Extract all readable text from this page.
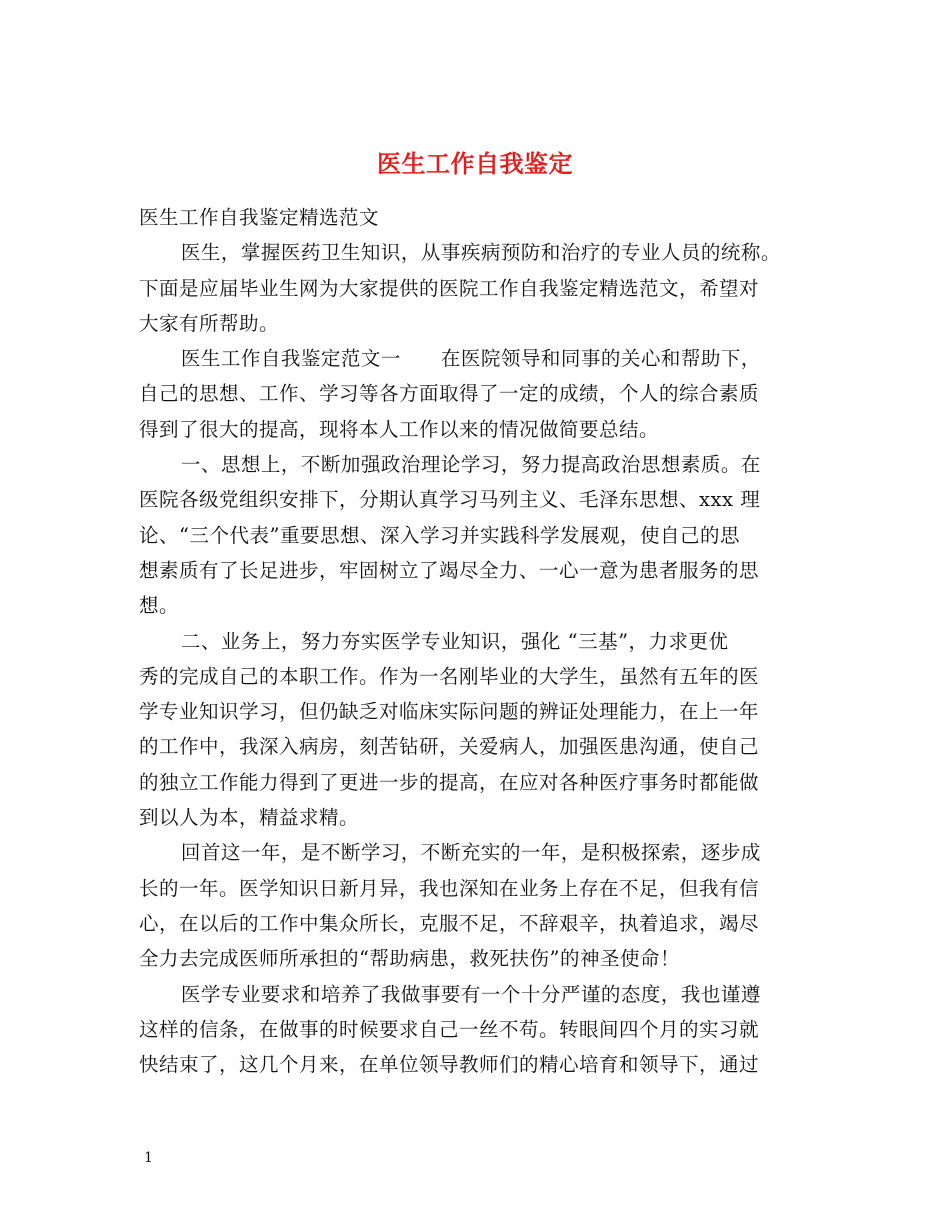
医生工作自我鉴定

医生工作自我鉴定精选范文

医生，掌握医药卫生知识，从事疾病预防和治疗的专业人员的统称。
下面是应届毕业生网为大家提供的医院工作自我鉴定精选范文，希望对
大家有所帮助。

医生工作自我鉴定范文一　　在医院领导和同事的关心和帮助下，
自己的思想、工作、学习等各方面取得了一定的成绩，个人的综合素质
得到了很大的提高，现将本人工作以来的情况做简要总结。

一、思想上，不断加强政治理论学习，努力提高政治思想素质。在
医院各级党组织安排下，分期认真学习马列主义、毛泽东思想、xxx 理
论、“三个代表”重要思想、深入学习并实践科学发展观，使自己的思
想素质有了长足进步，牢固树立了竭尽全力、一心一意为患者服务的思
想。

二、业务上，努力夯实医学专业知识，强化 “三基”，力求更优
秀的完成自己的本职工作。作为一名刚毕业的大学生，虽然有五年的医
学专业知识学习，但仍缺乏对临床实际问题的辨证处理能力，在上一年
的工作中，我深入病房，刻苦钻研，关爱病人，加强医患沟通，使自己
的独立工作能力得到了更进一步的提高，在应对各种医疗事务时都能做
到以人为本，精益求精。

回首这一年，是不断学习，不断充实的一年，是积极探索，逐步成
长的一年。医学知识日新月异，我也深知在业务上存在不足，但我有信
心，在以后的工作中集众所长，克服不足，不辞艰辛，执着追求，竭尽
全力去完成医师所承担的“帮助病患，救死扶伤”的神圣使命！

医学专业要求和培养了我做事要有一个十分严谨的态度，我也谨遵
这样的信条，在做事的时候要求自己一丝不苟。转眼间四个月的实习就
快结束了，这几个月来，在单位领导教师们的精心培育和领导下，通过

1
